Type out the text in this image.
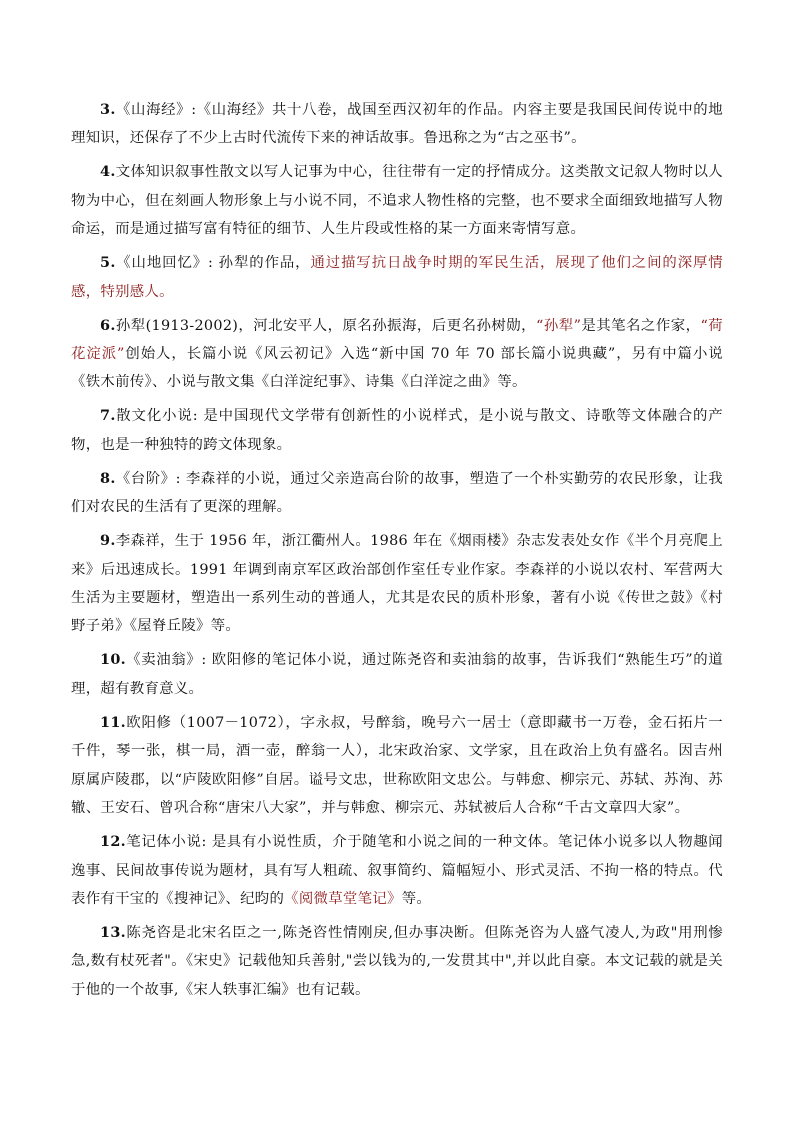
3.《山海经》:《山海经》共十八卷，战国至西汉初年的作品。内容主要是我国民间传说中的地理知识，还保存了不少上古时代流传下来的神话故事。鲁迅称之为“古之巫书”。

4.文体知识叙事性散文以写人记事为中心，往往带有一定的抒情成分。这类散文记叙人物时以人物为中心，但在刻画人物形象上与小说不同，不追求人物性格的完整，也不要求全面细致地描写人物命运，而是通过描写富有特征的细节、人生片段或性格的某一方面来寄情写意。

5.《山地回忆》: 孙犁的作品，通过描写抗日战争时期的军民生活，展现了他们之间的深厚情感，特别感人。

6.孙犁(1913-2002)，河北安平人，原名孙振海，后更名孙树勋，“孙犁”是其笔名之作家，“荷花淀派”创始人，长篇小说《风云初记》入选“新中国 70 年 70 部长篇小说典藏”，另有中篇小说《铁木前传》、小说与散文集《白洋淀纪事》、诗集《白洋淀之曲》等。

7.散文化小说: 是中国现代文学带有创新性的小说样式，是小说与散文、诗歌等文体融合的产物，也是一种独特的跨文体现象。

8.《台阶》: 李森祥的小说，通过父亲造高台阶的故事，塑造了一个朴实勤劳的农民形象，让我们对农民的生活有了更深的理解。

9.李森祥，生于 1956 年，浙江衢州人。1986 年在《烟雨楼》杂志发表处女作《半个月亮爬上来》后迅速成长。1991 年调到南京军区政治部创作室任专业作家。李森祥的小说以农村、军营两大生活为主要题材，塑造出一系列生动的普通人，尤其是农民的质朴形象，著有小说《传世之鼓》《村野子弟》《屋脊丘陵》等。

10.《卖油翁》: 欧阳修的笔记体小说，通过陈尧咨和卖油翁的故事，告诉我们“熟能生巧”的道理，超有教育意义。

11.欧阳修（1007－1072），字永叔，号醉翁，晚号六一居士（意即藏书一万卷，金石拓片一千件，琴一张，棋一局，酒一壶，醉翁一人），北宋政治家、文学家，且在政治上负有盛名。因吉州原属庐陵郡，以“庐陵欧阳修”自居。谥号文忠，世称欧阳文忠公。与韩愈、柳宗元、苏轼、苏洵、苏辙、王安石、曾巩合称“唐宋八大家”，并与韩愈、柳宗元、苏轼被后人合称“千古文章四大家”。

12.笔记体小说: 是具有小说性质，介于随笔和小说之间的一种文体。笔记体小说多以人物趣闻逸事、民间故事传说为题材，具有写人粗疏、叙事简约、篇幅短小、形式灵活、不拘一格的特点。代表作有干宝的《搜神记》、纪昀的《阅微草堂笔记》等。

13.陈尧咨是北宋名臣之一,陈尧咨性情刚戾,但办事决断。但陈尧咨为人盛气凌人,为政"用刑惨急,数有杖死者"。《宋史》记载他知兵善射,"尝以钱为的,一发贯其中",并以此自豪。本文记载的就是关于他的一个故事,《宋人轶事汇编》也有记载。
